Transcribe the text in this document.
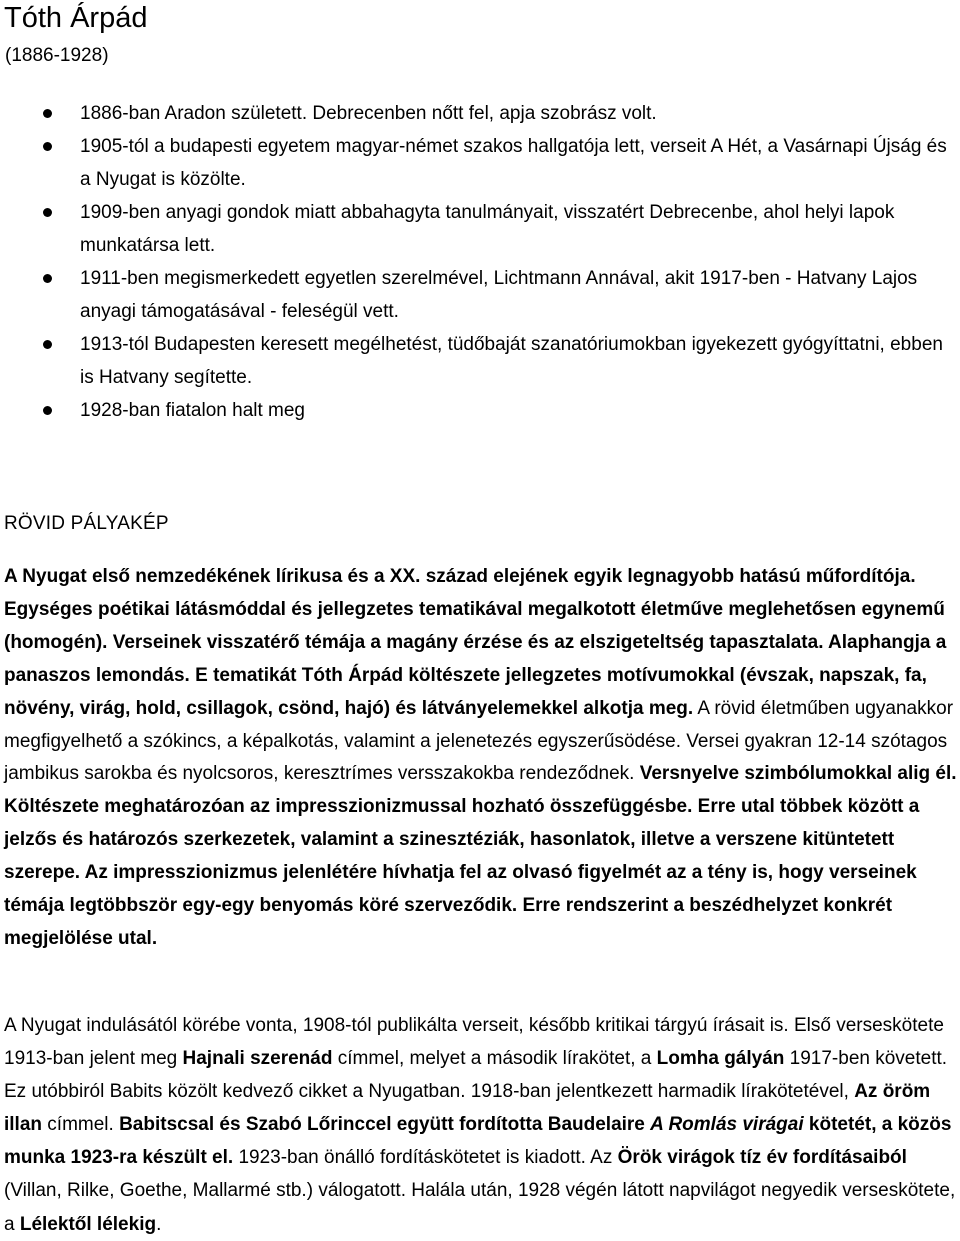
Tóth Árpád
(1886-1928)
1886-ban Aradon született. Debrecenben nőtt fel, apja szobrász volt.
1905-tól a budapesti egyetem magyar-német szakos hallgatója lett, verseit A Hét, a Vasárnapi Újság és a Nyugat is közölte.
1909-ben anyagi gondok miatt abbahagyta tanulmányait, visszatért Debrecenbe, ahol helyi lapok munkatársa lett.
1911-ben megismerkedett egyetlen szerelmével, Lichtmann Annával, akit 1917-ben - Hatvany Lajos anyagi támogatásával - feleségül vett.
1913-tól Budapesten keresett megélhetést, tüdőbaját szanatóriumokban igyekezett gyógyíttatni, ebben is Hatvany segítette.
1928-ban fiatalon halt meg
RÖVID PÁLYAKÉP

A Nyugat első nemzedékének lírikusa és a XX. század elejének egyik legnagyobb hatású műfordítója. Egységes poétikai látásmóddal és jellegzetes tematikával megalkotott életműve meglehetősen egynemű (homogén). Verseinek visszatérő témája a magány érzése és az elszigeteltség tapasztalata. Alaphangja a panaszos lemondás. E tematikát Tóth Árpád költészete jellegzetes motívumokkal (évszak, napszak, fa, növény, virág, hold, csillagok, csönd, hajó) és látványelemekkel alkotja meg. A rövid életműben ugyanakkor megfigyelhető a szókincs, a képalkotás, valamint a jelenetezés egyszerűsödése. Versei gyakran 12-14 szótagos jambikus sarokba és nyolcsoros, keresztrímes versszakokba rendeződnek. Versnyelve szimbólumokkal alig él. Költészete meghatározóan az impresszionizmussal hozható összefüggésbe. Erre utal többek között a jelzős és határozós szerkezetek, valamint a szinesztéziák, hasonlatok, illetve a verszene kitüntetett szerepe. Az impresszionizmus jelenlétére hívhatja fel az olvasó figyelmét az a tény is, hogy verseinek témája legtöbbször egy-egy benyomás köré szerveződik. Erre rendszerint a beszédhelyzet konkrét megjelölése utal.

A Nyugat indulásától körébe vonta, 1908-tól publikálta verseit, később kritikai tárgyú írásait is. Első verseskötete 1913-ban jelent meg Hajnali szerenád címmel, melyet a második lírakötet, a Lomha gályán 1917-ben követett. Ez utóbbiról Babits közölt kedvező cikket a Nyugatban. 1918-ban jelentkezett harmadik lírakötetével, Az öröm illan címmel. Babitscsal és Szabó Lőrinccel együtt fordította Baudelaire A Romlás virágai kötetét, a közös munka 1923-ra készült el. 1923-ban önálló fordításkötetet is kiadott. Az Örök virágok tíz év fordításaiból (Villan, Rilke, Goethe, Mallarmé stb.) válogatott. Halála után, 1928 végén látott napvilágot negyedik verseskötete, a Lélektől lélekig.
